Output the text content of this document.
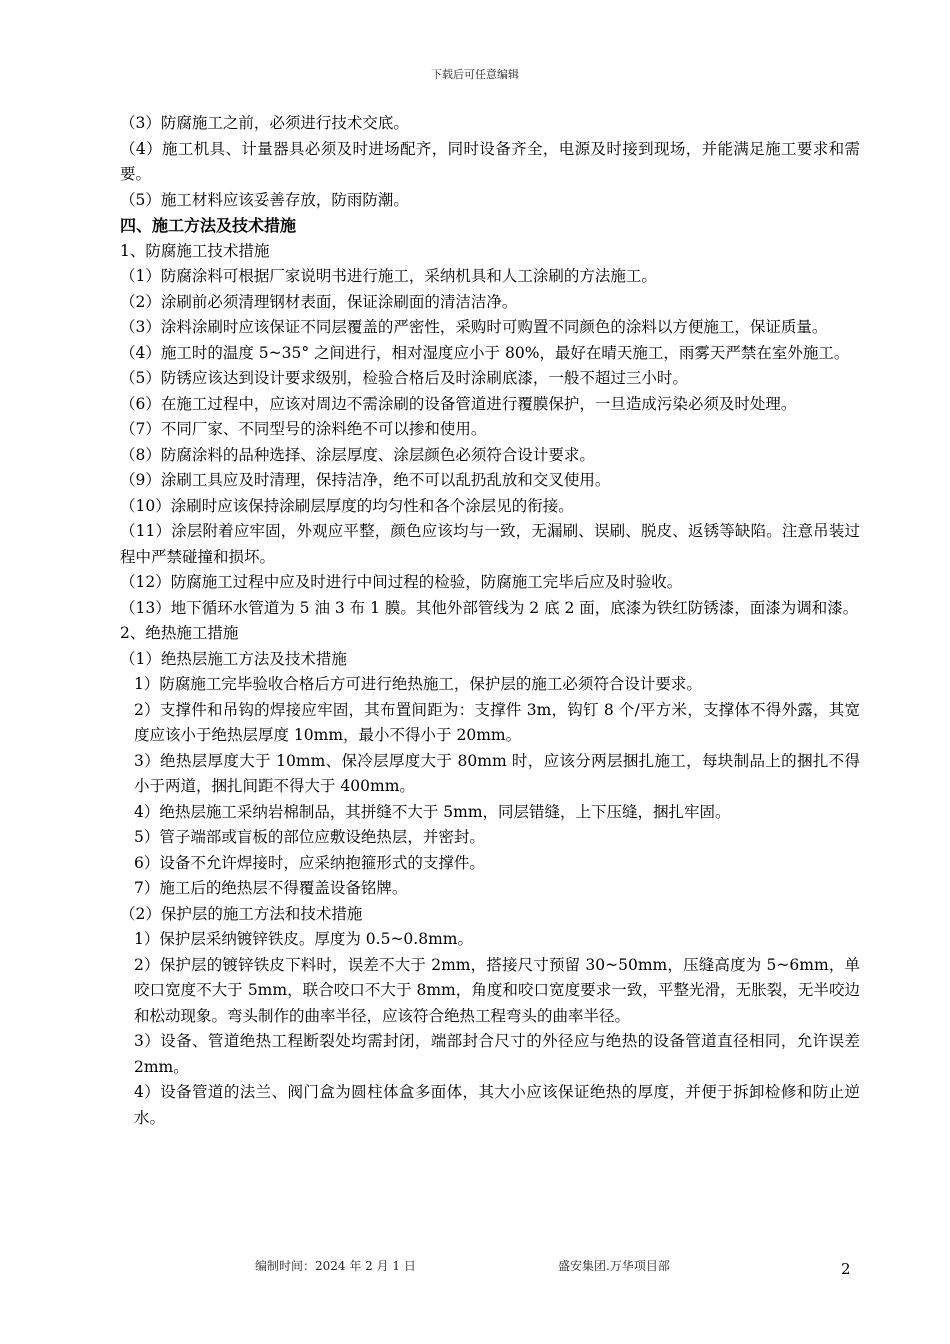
下载后可任意编辑

（3）防腐施工之前，必须进行技术交底。

（4）施工机具、计量器具必须及时进场配齐，同时设备齐全，电源及时接到现场，并能满足施工要求和需要。

（5）施工材料应该妥善存放，防雨防潮。

四、施工方法及技术措施

1、防腐施工技术措施

（1）防腐涂料可根据厂家说明书进行施工，采纳机具和人工涂刷的方法施工。

（2）涂刷前必须清理钢材表面，保证涂刷面的清洁洁净。

（3）涂料涂刷时应该保证不同层覆盖的严密性，采购时可购置不同颜色的涂料以方便施工，保证质量。

（4）施工时的温度 5~35° 之间进行，相对湿度应小于 80%，最好在晴天施工，雨雾天严禁在室外施工。

（5）防锈应该达到设计要求级别，检验合格后及时涂刷底漆，一般不超过三小时。

（6）在施工过程中，应该对周边不需涂刷的设备管道进行覆膜保护，一旦造成污染必须及时处理。

（7）不同厂家、不同型号的涂料绝不可以掺和使用。

（8）防腐涂料的品种选择、涂层厚度、涂层颜色必须符合设计要求。

（9）涂刷工具应及时清理，保持洁净，绝不可以乱扔乱放和交叉使用。

（10）涂刷时应该保持涂刷层厚度的均匀性和各个涂层见的衔接。

（11）涂层附着应牢固，外观应平整，颜色应该均与一致，无漏刷、误刷、脱皮、返锈等缺陷。注意吊装过程中严禁碰撞和损坏。

（12）防腐施工过程中应及时进行中间过程的检验，防腐施工完毕后应及时验收。

（13）地下循环水管道为 5 油 3 布 1 膜。其他外部管线为 2 底 2 面，底漆为铁红防锈漆，面漆为调和漆。

2、绝热施工措施

（1）绝热层施工方法及技术措施

1）防腐施工完毕验收合格后方可进行绝热施工，保护层的施工必须符合设计要求。

2）支撑件和吊钩的焊接应牢固，其布置间距为：支撑件 3m，钩钉 8 个/平方米，支撑体不得外露，其宽度应该小于绝热层厚度 10mm，最小不得小于 20mm。

3）绝热层厚度大于 10mm、保冷层厚度大于 80mm 时，应该分两层捆扎施工，每块制品上的捆扎不得小于两道，捆扎间距不得大于 400mm。

4）绝热层施工采纳岩棉制品，其拼缝不大于 5mm，同层错缝，上下压缝，捆扎牢固。

5）管子端部或盲板的部位应敷设绝热层，并密封。

6）设备不允许焊接时，应采纳抱箍形式的支撑件。

7）施工后的绝热层不得覆盖设备铭牌。

（2）保护层的施工方法和技术措施

1）保护层采纳镀锌铁皮。厚度为 0.5~0.8mm。

2）保护层的镀锌铁皮下料时，误差不大于 2mm，搭接尺寸预留 30~50mm，压缝高度为 5~6mm，单咬口宽度不大于 5mm，联合咬口不大于 8mm，角度和咬口宽度要求一致，平整光滑，无胀裂，无半咬边和松动现象。弯头制作的曲率半径，应该符合绝热工程弯头的曲率半径。

3）设备、管道绝热工程断裂处均需封闭，端部封合尺寸的外径应与绝热的设备管道直径相同，允许误差 2mm。

4）设备管道的法兰、阀门盒为圆柱体盒多面体，其大小应该保证绝热的厚度，并便于拆卸检修和防止逆水。

编制时间：2024 年 2 月 1 日	盛安集团.万华项目部	2
